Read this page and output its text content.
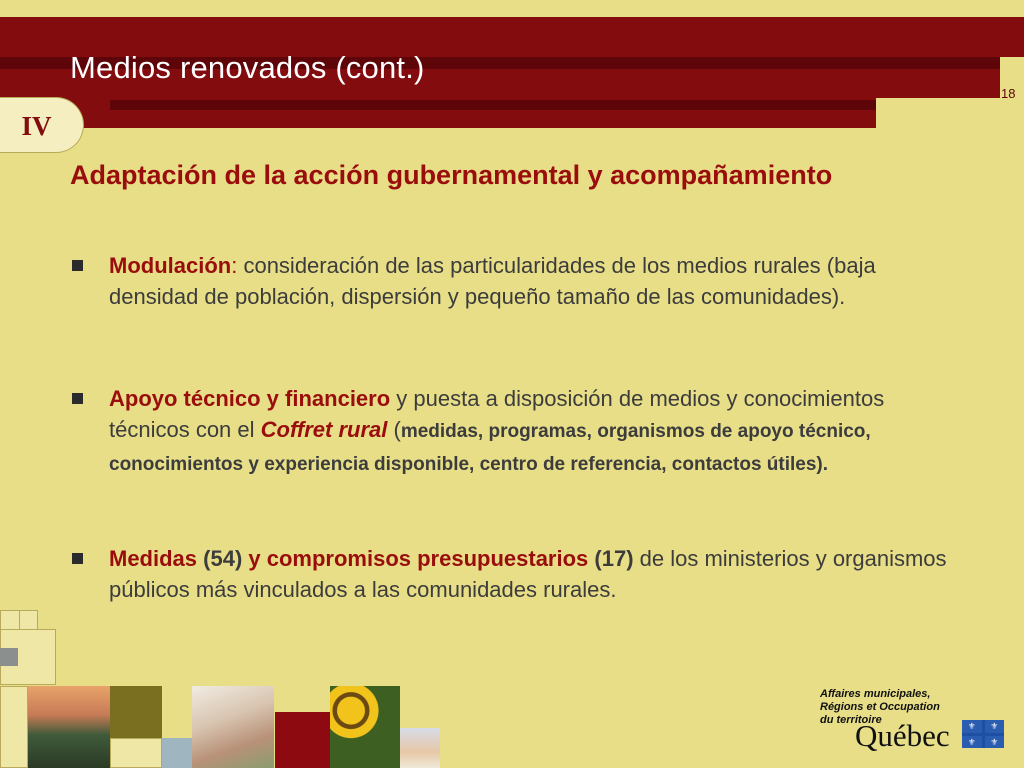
Medios renovados (cont.)
18
IV
Adaptación de la acción gubernamental y acompañamiento
Modulación: consideración de las particularidades de los medios rurales (baja densidad de población, dispersión y pequeño tamaño de las comunidades).
Apoyo técnico y financiero y puesta a disposición de medios y conocimientos técnicos con el Coffret rural (medidas, programas, organismos de apoyo técnico, conocimientos y experiencia disponible, centro de referencia, contactos útiles).
Medidas (54) y compromisos presupuestarios (17) de los ministerios y organismos públicos más vinculados a las comunidades rurales.
Affaires municipales,
Régions et Occupation
du territoire
Québec	⚜	⚜
⚜	⚜
